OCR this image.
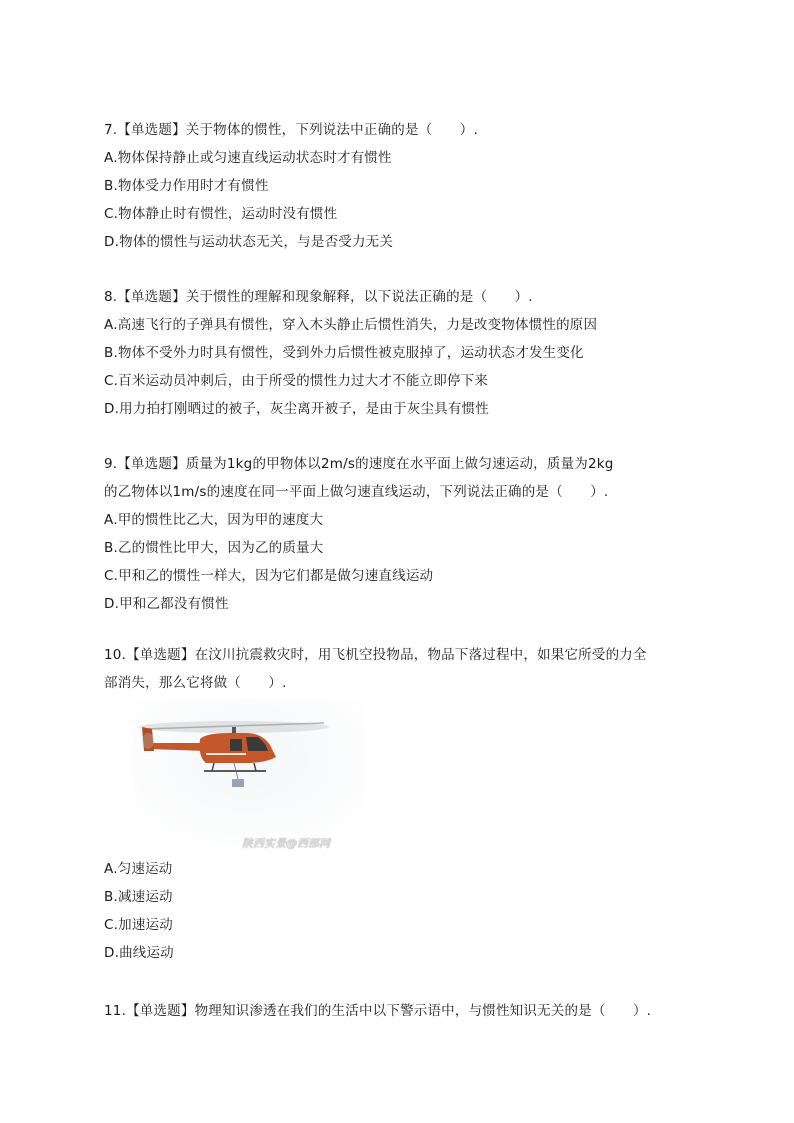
7.【单选题】关于物体的惯性，下列说法中正确的是（　　）.
A.物体保持静止或匀速直线运动状态时才有惯性
B.物体受力作用时才有惯性
C.物体静止时有惯性，运动时没有惯性
D.物体的惯性与运动状态无关，与是否受力无关
8.【单选题】关于惯性的理解和现象解释，以下说法正确的是（　　）.
A.高速飞行的子弹具有惯性，穿入木头静止后惯性消失，力是改变物体惯性的原因
B.物体不受外力时具有惯性，受到外力后惯性被克服掉了，运动状态才发生变化
C.百米运动员冲刺后，由于所受的惯性力过大才不能立即停下来
D.用力拍打刚晒过的被子，灰尘离开被子，是由于灰尘具有惯性
9.【单选题】质量为1kg的甲物体以2m/s的速度在水平面上做匀速运动，质量为2kg
的乙物体以1m/s的速度在同一平面上做匀速直线运动，下列说法正确的是（　　）.
A.甲的惯性比乙大，因为甲的速度大
B.乙的惯性比甲大，因为乙的质量大
C.甲和乙的惯性一样大，因为它们都是做匀速直线运动
D.甲和乙都没有惯性
10.【单选题】在汶川抗震救灾时，用飞机空投物品，物品下落过程中，如果它所受的力全
部消失，那么它将做（　　）.
陕西实景@西部网
A.匀速运动
B.减速运动
C.加速运动
D.曲线运动
11.【单选题】物理知识渗透在我们的生活中以下警示语中，与惯性知识无关的是（　　）.
